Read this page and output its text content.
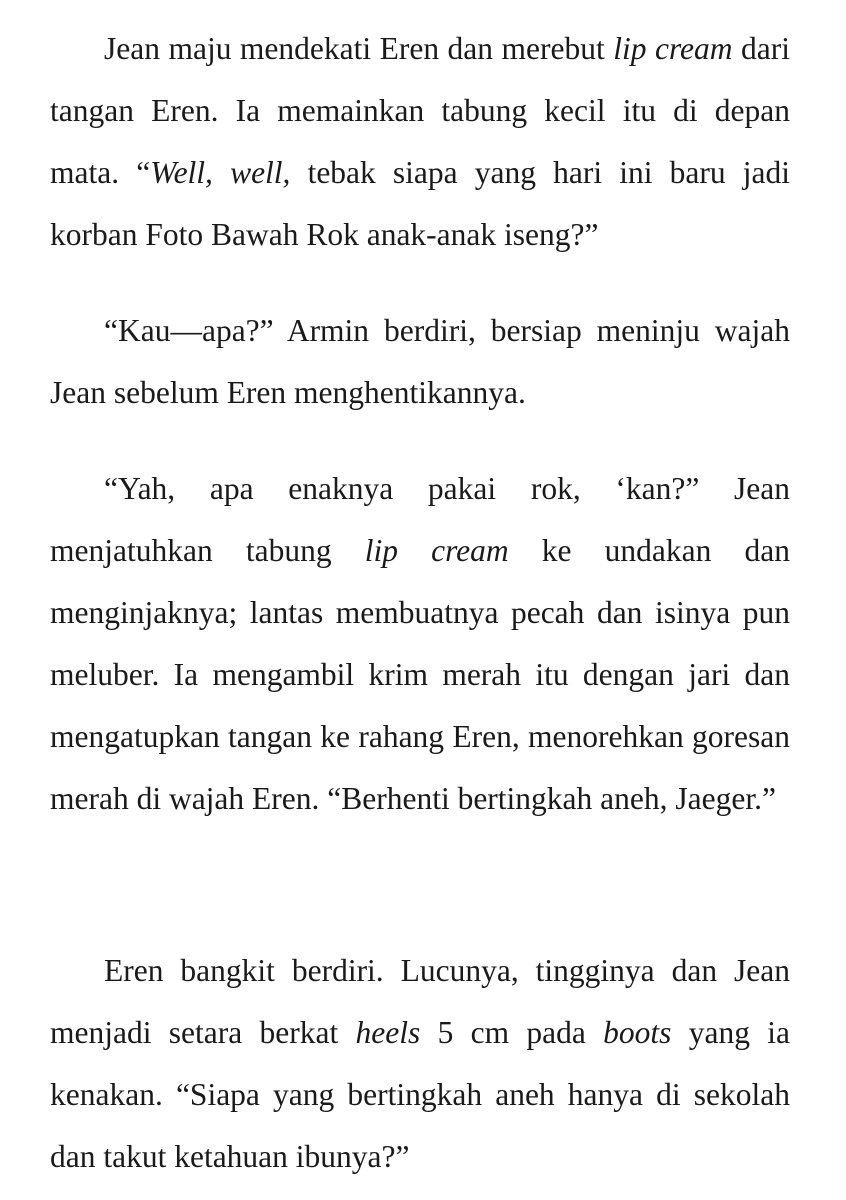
Jean maju mendekati Eren dan merebut lip cream dari tangan Eren. Ia memainkan tabung kecil itu di depan mata. “Well, well, tebak siapa yang hari ini baru jadi korban Foto Bawah Rok anak-anak iseng?”

“Kau—apa?” Armin berdiri, bersiap meninju wajah Jean sebelum Eren menghentikannya.

“Yah, apa enaknya pakai rok, ‘kan?” Jean menjatuhkan tabung lip cream ke undakan dan menginjaknya; lantas membuatnya pecah dan isinya pun meluber. Ia mengambil krim merah itu dengan jari dan mengatupkan tangan ke rahang Eren, menorehkan goresan merah di wajah Eren. “Berhenti bertingkah aneh, Jaeger.”

Eren bangkit berdiri. Lucunya, tingginya dan Jean menjadi setara berkat heels 5 cm pada boots yang ia kenakan. “Siapa yang bertingkah aneh hanya di sekolah dan takut ketahuan ibunya?”
